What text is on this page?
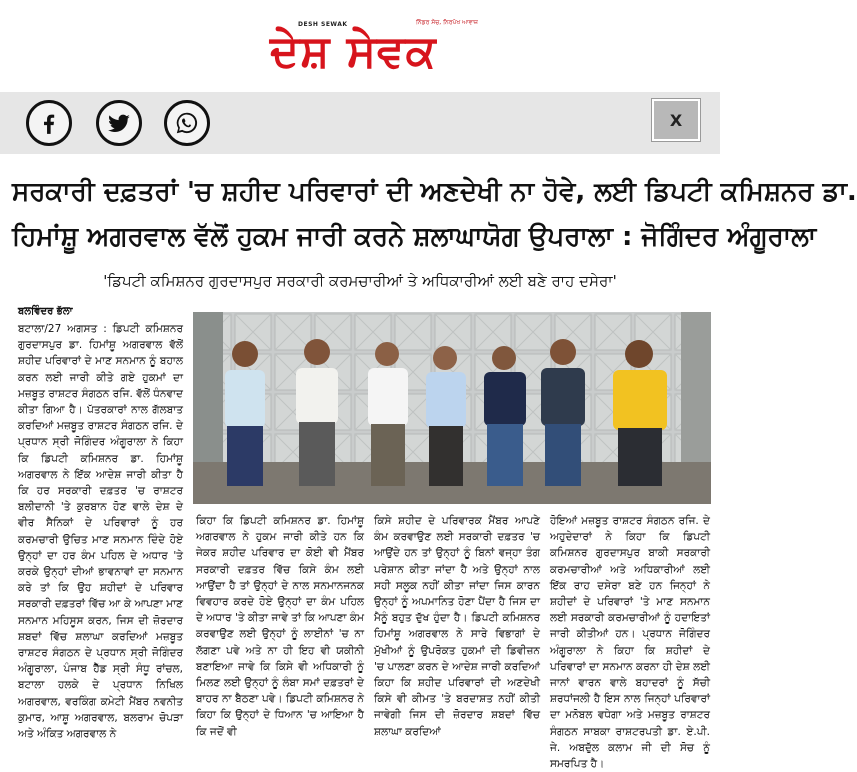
DESH SEWAK	ਨਿੱਡਰ ਸੋਚ, ਨਿਰਪੱਖ ਆਵਾਜ਼
ਦੇਸ਼ ਸੇਵਕ
X
ਸਰਕਾਰੀ ਦਫ਼ਤਰਾਂ 'ਚ ਸ਼ਹੀਦ ਪਰਿਵਾਰਾਂ ਦੀ ਅਣਦੇਖੀ ਨਾ ਹੋਵੇ, ਲਈ ਡਿਪਟੀ ਕਮਿਸ਼ਨਰ ਡਾ.
ਹਿਮਾਂਸ਼ੂ ਅਗਰਵਾਲ ਵੱਲੋਂ ਹੁਕਮ ਜਾਰੀ ਕਰਨੇ ਸ਼ਲਾਘਾਯੋਗ ਉਪਰਾਲਾ : ਜੋਗਿੰਦਰ ਅੰਗੂਰਾਲਾ
'ਡਿਪਟੀ ਕਮਿਸ਼ਨਰ ਗੁਰਦਾਸਪੁਰ ਸਰਕਾਰੀ ਕਰਮਚਾਰੀਆਂ ਤੇ ਅਧਿਕਾਰੀਆਂ ਲਈ ਬਣੇ ਰਾਹ ਦਸੇਰਾ'
ਬਲਵਿੰਦਰ ਭੱਲਾ
ਬਟਾਲਾ/27 ਅਗਸਤ : ਡਿਪਟੀ ਕਮਿਸ਼ਨਰ ਗੁਰਦਾਸਪੁਰ ਡਾ. ਹਿਮਾਂਸ਼ੂ ਅਗਰਵਾਲ ਵੱਲੋਂ ਸ਼ਹੀਦ ਪਰਿਵਾਰਾਂ ਦੇ ਮਾਣ ਸਨਮਾਨ ਨੂੰ ਬਹਾਲ ਕਰਨ ਲਈ ਜਾਰੀ ਕੀਤੇ ਗਏ ਹੁਕਮਾਂ ਦਾ ਮਜ਼ਬੂਤ ਰਾਸ਼ਟਰ ਸੰਗਠਨ ਰਜਿ. ਵੱਲੋਂ ਧੰਨਵਾਦ ਕੀਤਾ ਗਿਆ ਹੈ। ਪੱਤਰਕਾਰਾਂ ਨਾਲ ਗੱਲਬਾਤ ਕਰਦਿਆਂ ਮਜ਼ਬੂਤ ਰਾਸ਼ਟਰ ਸੰਗਠਨ ਰਜਿ. ਦੇ ਪ੍ਰਧਾਨ ਸ੍ਰੀ ਜੋਗਿੰਦਰ ਅੰਗੂਰਾਲਾ ਨੇ ਕਿਹਾ ਕਿ ਡਿਪਟੀ ਕਮਿਸ਼ਨਰ ਡਾ. ਹਿਮਾਂਸ਼ੂ ਅਗਰਵਾਲ ਨੇ ਇੱਕ ਆਦੇਸ਼ ਜਾਰੀ ਕੀਤਾ ਹੈ ਕਿ ਹਰ ਸਰਕਾਰੀ ਦਫ਼ਤਰ 'ਚ ਰਾਸ਼ਟਰ ਬਲੀਦਾਨੀ 'ਤੇ ਕੁਰਬਾਨ ਹੋਣ ਵਾਲੇ ਦੇਸ਼ ਦੇ ਵੀਰ ਸੈਨਿਕਾਂ ਦੇ ਪਰਿਵਾਰਾਂ ਨੂੰ ਹਰ ਕਰਮਚਾਰੀ ਉਚਿਤ ਮਾਣ ਸਨਮਾਨ ਦਿੰਦੇ ਹੋਏ ਉਨ੍ਹਾਂ ਦਾ ਹਰ ਕੰਮ ਪਹਿਲ ਦੇ ਅਧਾਰ 'ਤੇ ਕਰਕੇ ਉਨ੍ਹਾਂ ਦੀਆਂ ਭਾਵਨਾਵਾਂ ਦਾ ਸਨਮਾਨ ਕਰੇ ਤਾਂ ਕਿ ਉਹ ਸ਼ਹੀਦਾਂ ਦੇ ਪਰਿਵਾਰ ਸਰਕਾਰੀ ਦਫ਼ਤਰਾਂ ਵਿੱਚ ਆ ਕੇ ਆਪਣਾ ਮਾਣ ਸਨਮਾਨ ਮਹਿਸੂਸ ਕਰਨ, ਜਿਸ ਦੀ ਜ਼ੋਰਦਾਰ ਸ਼ਬਦਾਂ ਵਿੱਚ ਸ਼ਲਾਘਾ ਕਰਦਿਆਂ ਮਜ਼ਬੂਤ ਰਾਸ਼ਟਰ ਸੰਗਠਨ ਦੇ ਪ੍ਰਧਾਨ ਸ੍ਰੀ ਜੋਗਿੰਦਰ ਅੰਗੂਰਾਲਾ, ਪੰਜਾਬ ਹੈੱਡ ਸ੍ਰੀ ਸੰਧੂ ਰਾਂਚਲ, ਬਟਾਲਾ ਹਲਕੇ ਦੇ ਪ੍ਰਧਾਨ ਨਿਖਿਲ ਅਗਰਵਾਲ, ਵਰਕਿੰਗ ਕਮੇਟੀ ਮੈਂਬਰ ਨਵਨੀਤ ਕੁਮਾਰ, ਆਸ਼ੂ ਅਗਰਵਾਲ, ਬਲਰਾਮ ਚੋਪੜਾ ਅਤੇ ਅੰਕਿਤ ਅਗਰਵਾਲ ਨੇ
ਕਿਹਾ ਕਿ ਡਿਪਟੀ ਕਮਿਸ਼ਨਰ ਡਾ. ਹਿਮਾਂਸ਼ੂ ਅਗਰਵਾਲ ਨੇ ਹੁਕਮ ਜਾਰੀ ਕੀਤੇ ਹਨ ਕਿ ਜੇਕਰ ਸ਼ਹੀਦ ਪਰਿਵਾਰ ਦਾ ਕੋਈ ਵੀ ਮੈਂਬਰ ਸਰਕਾਰੀ ਦਫ਼ਤਰ ਵਿੱਚ ਕਿਸੇ ਕੰਮ ਲਈ ਆਉਂਦਾ ਹੈ ਤਾਂ ਉਨ੍ਹਾਂ ਦੇ ਨਾਲ ਸਨਮਾਨਜਨਕ ਵਿਵਹਾਰ ਕਰਦੇ ਹੋਏ ਉਨ੍ਹਾਂ ਦਾ ਕੰਮ ਪਹਿਲ ਦੇ ਅਧਾਰ 'ਤੇ ਕੀਤਾ ਜਾਵੇ ਤਾਂ ਕਿ ਆਪਣਾ ਕੰਮ ਕਰਵਾਉਣ ਲਈ ਉਨ੍ਹਾਂ ਨੂੰ ਲਾਈਨਾਂ 'ਚ ਨਾ ਲੱਗਣਾ ਪਵੇ ਅਤੇ ਨਾ ਹੀ ਇਹ ਵੀ ਯਕੀਨੀ ਬਣਾਇਆ ਜਾਵੇ ਕਿ ਕਿਸੇ ਵੀ ਅਧਿਕਾਰੀ ਨੂੰ ਮਿਲਣ ਲਈ ਉਨ੍ਹਾਂ ਨੂੰ ਲੰਬਾ ਸਮਾਂ ਦਫ਼ਤਰਾਂ ਦੇ ਬਾਹਰ ਨਾ ਬੈਠਣਾ ਪਵੇ। ਡਿਪਟੀ ਕਮਿਸ਼ਨਰ ਨੇ ਕਿਹਾ ਕਿ ਉਨ੍ਹਾਂ ਦੇ ਧਿਆਨ 'ਚ ਆਇਆ ਹੈ ਕਿ ਜਦੋਂ ਵੀ
ਕਿਸੇ ਸ਼ਹੀਦ ਦੇ ਪਰਿਵਾਰਕ ਮੈਂਬਰ ਆਪਣੇ ਕੰਮ ਕਰਵਾਉਣ ਲਈ ਸਰਕਾਰੀ ਦਫ਼ਤਰ 'ਚ ਆਉਂਦੇ ਹਨ ਤਾਂ ਉਨ੍ਹਾਂ ਨੂੰ ਬਿਨਾਂ ਵਜ੍ਹਾ ਤੰਗ ਪਰੇਸ਼ਾਨ ਕੀਤਾ ਜਾਂਦਾ ਹੈ ਅਤੇ ਉਨ੍ਹਾਂ ਨਾਲ ਸਹੀ ਸਲੂਕ ਨਹੀਂ ਕੀਤਾ ਜਾਂਦਾ ਜਿਸ ਕਾਰਨ ਉਨ੍ਹਾਂ ਨੂੰ ਅਪਮਾਨਿਤ ਹੋਣਾ ਪੈਂਦਾ ਹੈ ਜਿਸ ਦਾ ਮੈਨੂੰ ਬਹੁਤ ਦੁੱਖ ਹੁੰਦਾ ਹੈ। ਡਿਪਟੀ ਕਮਿਸ਼ਨਰ ਹਿਮਾਂਸ਼ੂ ਅਗਰਵਾਲ ਨੇ ਸਾਰੇ ਵਿਭਾਗਾਂ ਦੇ ਮੁੱਖੀਆਂ ਨੂੰ ਉਪਰੋਕਤ ਹੁਕਮਾਂ ਦੀ ਡਿਵੀਜ਼ਨ 'ਚ ਪਾਲਣਾ ਕਰਨ ਦੇ ਆਦੇਸ਼ ਜਾਰੀ ਕਰਦਿਆਂ ਕਿਹਾ ਕਿ ਸ਼ਹੀਦ ਪਰਿਵਾਰਾਂ ਦੀ ਅਣਦੇਖੀ ਕਿਸੇ ਵੀ ਕੀਮਤ 'ਤੇ ਬਰਦਾਸ਼ਤ ਨਹੀਂ ਕੀਤੀ ਜਾਵੇਗੀ ਜਿਸ ਦੀ ਜ਼ੋਰਦਾਰ ਸ਼ਬਦਾਂ ਵਿੱਚ ਸ਼ਲਾਘਾ ਕਰਦਿਆਂ
ਹੋਇਆਂ ਮਜ਼ਬੂਤ ਰਾਸ਼ਟਰ ਸੰਗਠਨ ਰਜਿ. ਦੇ ਅਹੁਦੇਦਾਰਾਂ ਨੇ ਕਿਹਾ ਕਿ ਡਿਪਟੀ ਕਮਿਸ਼ਨਰ ਗੁਰਦਾਸਪੁਰ ਬਾਕੀ ਸਰਕਾਰੀ ਕਰਮਚਾਰੀਆਂ ਅਤੇ ਅਧਿਕਾਰੀਆਂ ਲਈ ਇੱਕ ਰਾਹ ਦਸੇਰਾ ਬਣੇ ਹਨ ਜਿਨ੍ਹਾਂ ਨੇ ਸ਼ਹੀਦਾਂ ਦੇ ਪਰਿਵਾਰਾਂ 'ਤੇ ਮਾਣ ਸਨਮਾਨ ਲਈ ਸਰਕਾਰੀ ਕਰਮਚਾਰੀਆਂ ਨੂੰ ਹਦਾਇਤਾਂ ਜਾਰੀ ਕੀਤੀਆਂ ਹਨ। ਪ੍ਰਧਾਨ ਜੋਗਿੰਦਰ ਅੰਗੂਰਾਲਾ ਨੇ ਕਿਹਾ ਕਿ ਸ਼ਹੀਦਾਂ ਦੇ ਪਰਿਵਾਰਾਂ ਦਾ ਸਨਮਾਨ ਕਰਨਾ ਹੀ ਦੇਸ਼ ਲਈ ਜਾਨਾਂ ਵਾਰਨ ਵਾਲੇ ਬਹਾਦਰਾਂ ਨੂੰ ਸੱਚੀ ਸ਼ਰਧਾਂਜਲੀ ਹੈ ਇਸ ਨਾਲ ਜਿਨ੍ਹਾਂ ਪਰਿਵਾਰਾਂ ਦਾ ਮਨੋਬਲ ਵਧੇਗਾ ਅਤੇ ਮਜ਼ਬੂਤ ਰਾਸ਼ਟਰ ਸੰਗਠਨ ਸਾਬਕਾ ਰਾਸ਼ਟਰਪਤੀ ਡਾ. ਏ.ਪੀ. ਜੇ. ਅਬਦੁੱਲ ਕਲਾਮ ਜੀ ਦੀ ਸੋਚ ਨੂੰ ਸਮਰਪਿਤ ਹੈ।
